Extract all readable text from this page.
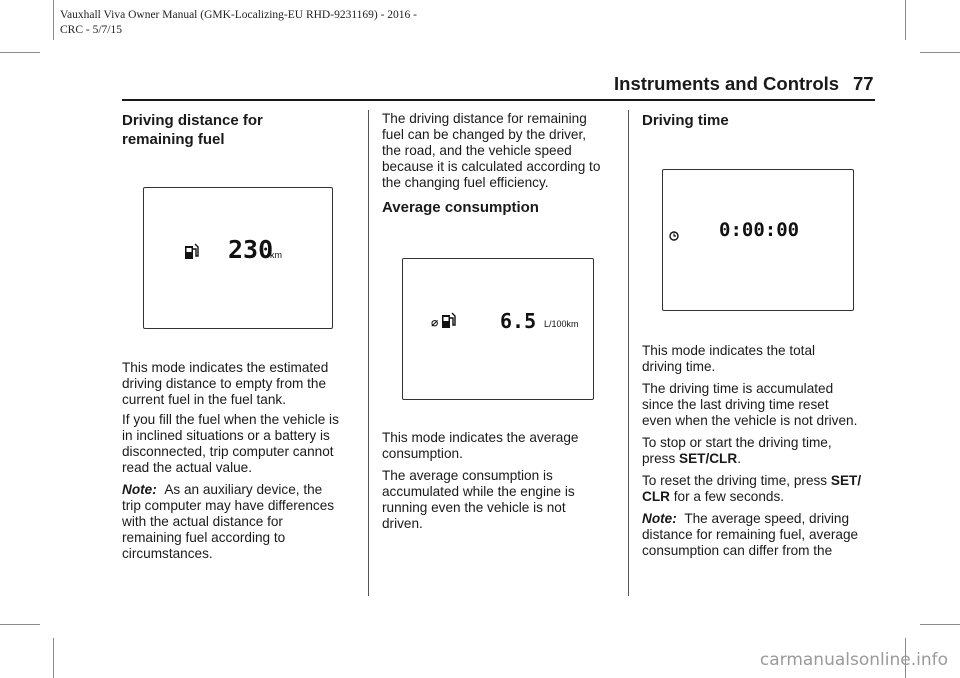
Vauxhall Viva Owner Manual (GMK-Localizing-EU RHD-9231169) - 2016 -
CRC - 5/7/15
Instruments and Controls 77
Driving distance for
remaining fuel
230
km
This mode indicates the estimated
driving distance to empty from the
current fuel in the fuel tank.
If you fill the fuel when the vehicle is
in inclined situations or a battery is
disconnected, trip computer cannot
read the actual value.
Note: As an auxiliary device, the
trip computer may have differences
with the actual distance for
remaining fuel according to
circumstances.
The driving distance for remaining
fuel can be changed by the driver,
the road, and the vehicle speed
because it is calculated according to
the changing fuel efficiency.
Average consumption
⌀	6.5 L/100km
This mode indicates the average
consumption.
The average consumption is
accumulated while the engine is
running even the vehicle is not
driven.
Driving time
0:00:00
This mode indicates the total
driving time.
The driving time is accumulated
since the last driving time reset
even when the vehicle is not driven.
To stop or start the driving time,
press SET/CLR.
To reset the driving time, press SET/
CLR for a few seconds.
Note: The average speed, driving
distance for remaining fuel, average
consumption can differ from the
carmanualsonline.info
